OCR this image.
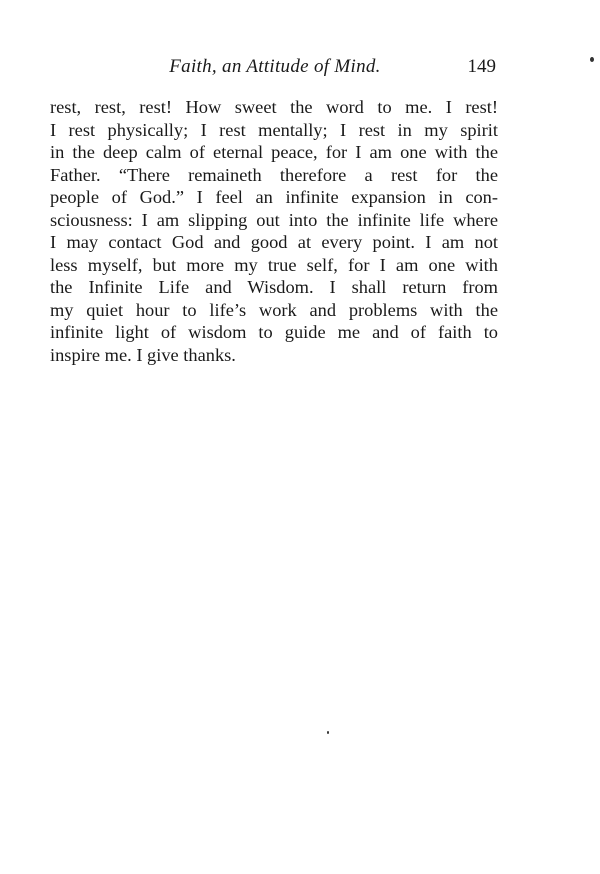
Faith, an Attitude of Mind.	149

rest, rest, rest! How sweet the word to me. I rest!
I rest physically; I rest mentally; I rest in my spirit
in the deep calm of eternal peace, for I am one with the
Father. “There remaineth therefore a rest for the
people of God.” I feel an infinite expansion in con-
sciousness: I am slipping out into the infinite life where
I may contact God and good at every point. I am not
less myself, but more my true self, for I am one with
the Infinite Life and Wisdom. I shall return from
my quiet hour to life’s work and problems with the
infinite light of wisdom to guide me and of faith to
inspire me. I give thanks.
